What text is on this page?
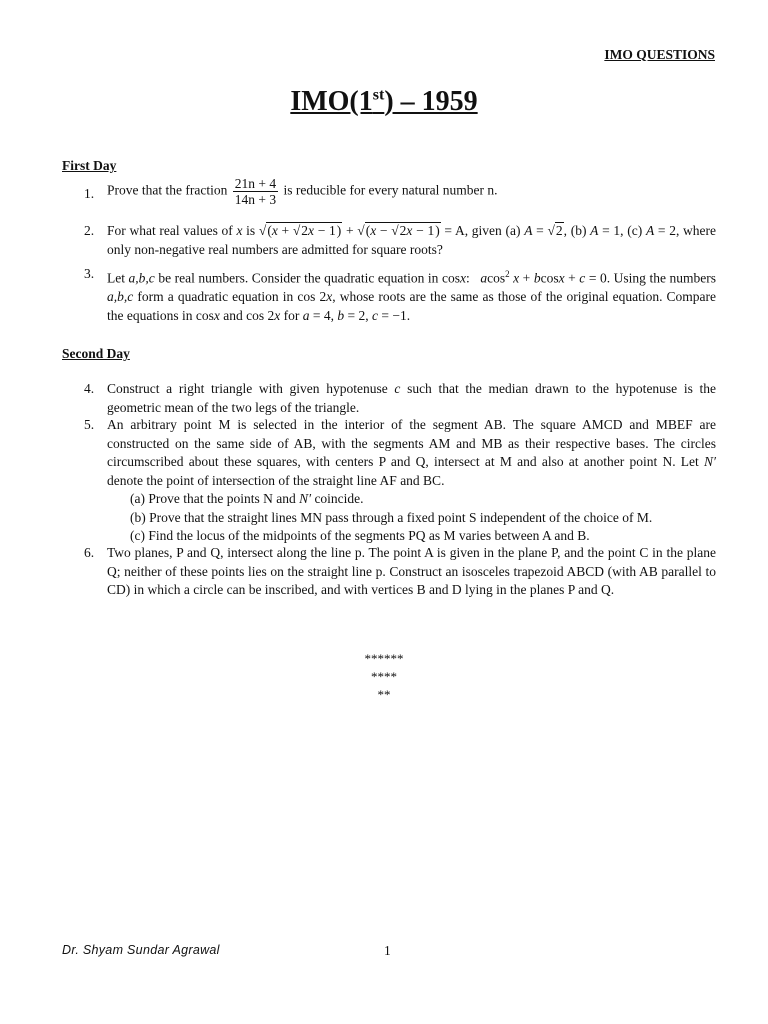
IMO QUESTIONS
IMO(1st) – 1959
First Day
1. Prove that the fraction $\frac{21n + 4}{14n + 3}$ is reducible for every natural number n.
2. For what real values of x is √(x + √2x − 1) + √(x − √2x − 1) = A, given (a) A = √2, (b) A = 1, (c) A = 2, where only non-negative real numbers are admitted for square roots?
3. Let a,b,c be real numbers. Consider the quadratic equation in cosx:   acos$^2$ x + bcosx + c = 0. Using the numbers a,b,c form a quadratic equation in cos 2x, whose roots are the same as those of the original equation. Compare the equations in cosx and cos 2x for a = 4, b = 2, c = −1.
Second Day
4. Construct a right triangle with given hypotenuse c such that the median drawn to the hypotenuse is the geometric mean of the two legs of the triangle.
5. An arbitrary point M is selected in the interior of the segment AB. The square AMCD and MBEF are constructed on the same side of AB, with the segments AM and MB as their respective bases. The circles circumscribed about these squares, with centers P and Q, intersect at M and also at another point N. Let N′ denote the point of intersection of the straight line AF and BC.
(a) Prove that the points N and N′ coincide.
(b) Prove that the straight lines MN pass through a fixed point S independent of the choice of M.
(c) Find the locus of the midpoints of the segments PQ as M varies between A and B.
6. Two planes, P and Q, intersect along the line p. The point A is given in the plane P, and the point C in the plane Q; neither of these points lies on the straight line p. Construct an isosceles trapezoid ABCD (with AB parallel to CD) in which a circle can be inscribed, and with vertices B and D lying in the planes P and Q.
******
****
**
Dr. Shyam Sundar Agrawal	1
